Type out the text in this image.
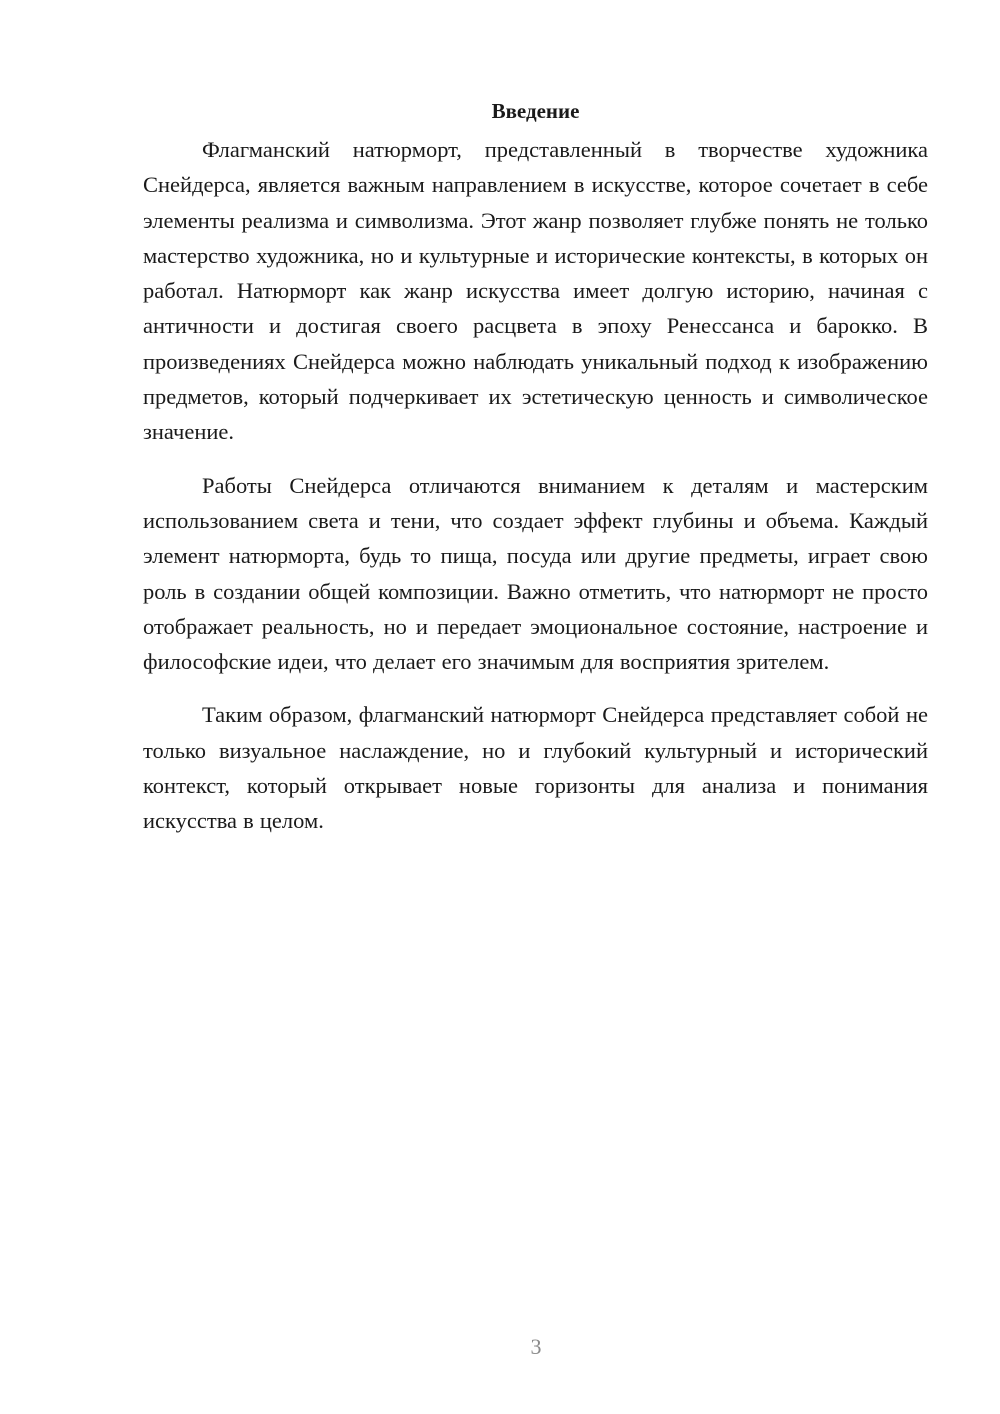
Введение

Флагманский натюрморт, представленный в творчестве художника Снейдерса, является важным направлением в искусстве, которое сочетает в себе элементы реализма и символизма. Этот жанр позволяет глубже понять не только мастерство художника, но и культурные и исторические контексты, в которых он работал. Натюрморт как жанр искусства имеет долгую историю, начиная с античности и достигая своего расцвета в эпоху Ренессанса и барокко. В произведениях Снейдерса можно наблюдать уникальный подход к изображению предметов, который подчеркивает их эстетическую ценность и символическое значение.

Работы Снейдерса отличаются вниманием к деталям и мастерским использованием света и тени, что создает эффект глубины и объема. Каждый элемент натюрморта, будь то пища, посуда или другие предметы, играет свою роль в создании общей композиции. Важно отметить, что натюрморт не просто отображает реальность, но и передает эмоциональное состояние, настроение и философские идеи, что делает его значимым для восприятия зрителем.

Таким образом, флагманский натюрморт Снейдерса представляет собой не только визуальное наслаждение, но и глубокий культурный и исторический контекст, который открывает новые горизонты для анализа и понимания искусства в целом.

3
